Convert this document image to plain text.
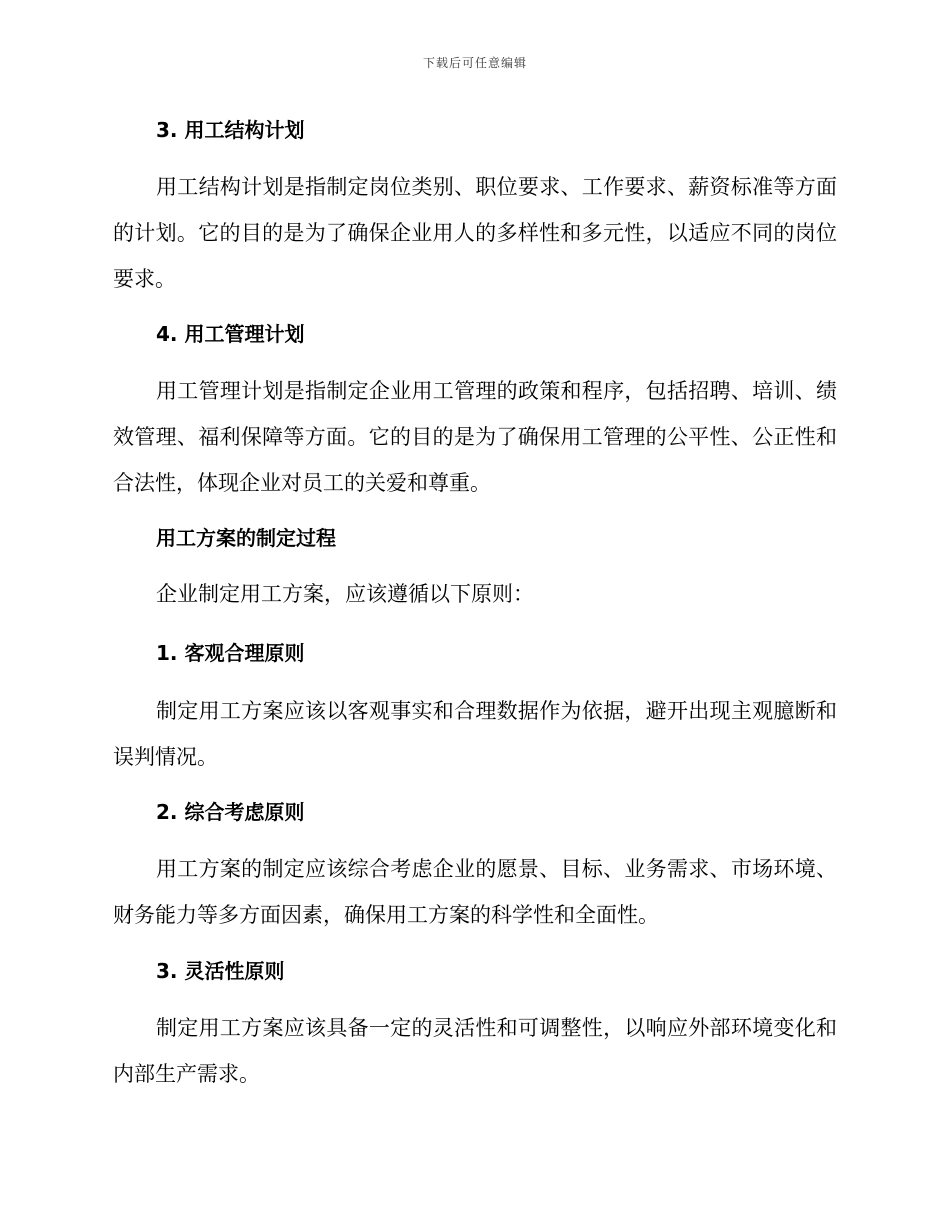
下载后可任意编辑
3. 用工结构计划
用工结构计划是指制定岗位类别、职位要求、工作要求、薪资标准等方面的计划。它的目的是为了确保企业用人的多样性和多元性，以适应不同的岗位要求。
4. 用工管理计划
用工管理计划是指制定企业用工管理的政策和程序，包括招聘、培训、绩效管理、福利保障等方面。它的目的是为了确保用工管理的公平性、公正性和合法性，体现企业对员工的关爱和尊重。
用工方案的制定过程
企业制定用工方案，应该遵循以下原则：
1. 客观合理原则
制定用工方案应该以客观事实和合理数据作为依据，避开出现主观臆断和误判情况。
2. 综合考虑原则
用工方案的制定应该综合考虑企业的愿景、目标、业务需求、市场环境、财务能力等多方面因素，确保用工方案的科学性和全面性。
3. 灵活性原则
制定用工方案应该具备一定的灵活性和可调整性，以响应外部环境变化和内部生产需求。
